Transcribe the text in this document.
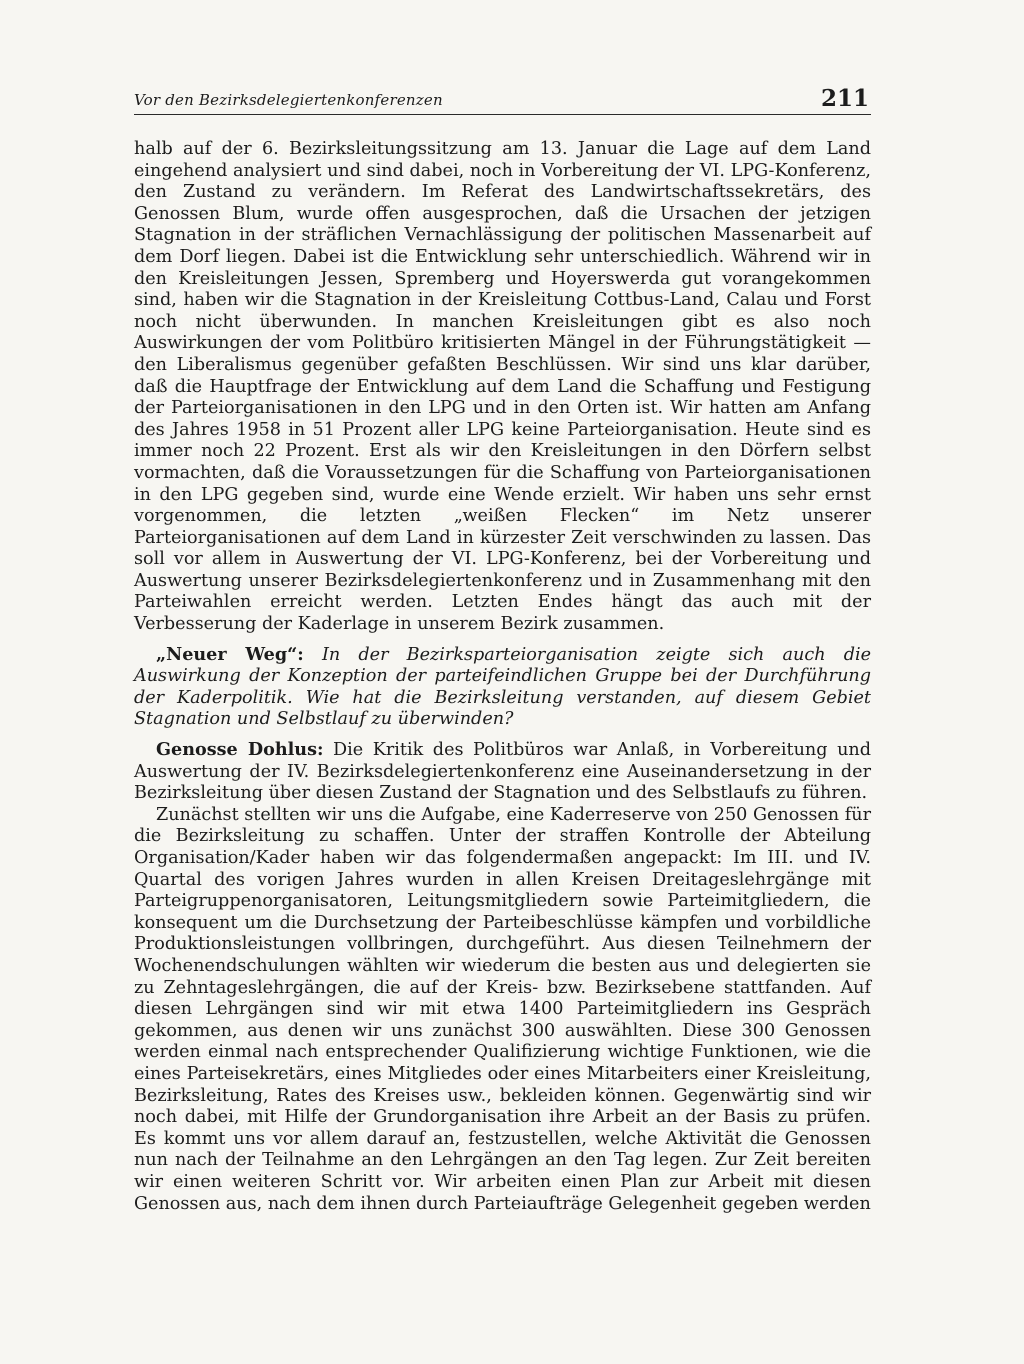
Vor den Bezirksdelegiertenkonferenzen	211

halb auf der 6. Bezirksleitungssitzung am 13. Januar die Lage auf dem Land eingehend analysiert und sind dabei, noch in Vorbereitung der VI. LPG-Konferenz, den Zustand zu verändern. Im Referat des Landwirtschaftssekretärs, des Genossen Blum, wurde offen ausgesprochen, daß die Ursachen der jetzigen Stagnation in der sträflichen Vernachlässigung der politischen Massenarbeit auf dem Dorf liegen. Dabei ist die Entwicklung sehr unterschiedlich. Während wir in den Kreisleitungen Jessen, Spremberg und Hoyerswerda gut vorangekommen sind, haben wir die Stagnation in der Kreisleitung Cottbus-Land, Calau und Forst noch nicht überwunden. In manchen Kreisleitungen gibt es also noch Auswirkungen der vom Politbüro kritisierten Mängel in der Führungstätigkeit — den Liberalismus gegenüber gefaßten Beschlüssen. Wir sind uns klar darüber, daß die Hauptfrage der Entwicklung auf dem Land die Schaffung und Festigung der Parteiorganisationen in den LPG und in den Orten ist. Wir hatten am Anfang des Jahres 1958 in 51 Prozent aller LPG keine Parteiorganisation. Heute sind es immer noch 22 Prozent. Erst als wir den Kreisleitungen in den Dörfern selbst vormachten, daß die Voraussetzungen für die Schaffung von Parteiorganisationen in den LPG gegeben sind, wurde eine Wende erzielt. Wir haben uns sehr ernst vorgenommen, die letzten „weißen Flecken“ im Netz unserer Parteiorganisationen auf dem Land in kürzester Zeit verschwinden zu lassen. Das soll vor allem in Auswertung der VI. LPG-Konferenz, bei der Vorbereitung und Auswertung unserer Bezirksdelegiertenkonferenz und in Zusammenhang mit den Parteiwahlen erreicht werden. Letzten Endes hängt das auch mit der Verbesserung der Kaderlage in unserem Bezirk zusammen.

„Neuer Weg“: In der Bezirksparteiorganisation zeigte sich auch die Auswirkung der Konzeption der parteifeindlichen Gruppe bei der Durchführung der Kaderpolitik. Wie hat die Bezirksleitung verstanden, auf diesem Gebiet Stagnation und Selbstlauf zu überwinden?

Genosse Dohlus: Die Kritik des Politbüros war Anlaß, in Vorbereitung und Auswertung der IV. Bezirksdelegiertenkonferenz eine Auseinandersetzung in der Bezirksleitung über diesen Zustand der Stagnation und des Selbstlaufs zu führen.

Zunächst stellten wir uns die Aufgabe, eine Kaderreserve von 250 Genossen für die Bezirksleitung zu schaffen. Unter der straffen Kontrolle der Abteilung Organisation/Kader haben wir das folgendermaßen angepackt: Im III. und IV. Quartal des vorigen Jahres wurden in allen Kreisen Dreitageslehrgänge mit Parteigruppenorganisatoren, Leitungsmitgliedern sowie Parteimitgliedern, die konsequent um die Durchsetzung der Parteibeschlüsse kämpfen und vorbildliche Produktionsleistungen vollbringen, durchgeführt. Aus diesen Teilnehmern der Wochenendschulungen wählten wir wiederum die besten aus und delegierten sie zu Zehntageslehrgängen, die auf der Kreis- bzw. Bezirksebene stattfanden. Auf diesen Lehrgängen sind wir mit etwa 1400 Parteimitgliedern ins Gespräch gekommen, aus denen wir uns zunächst 300 auswählten. Diese 300 Genossen werden einmal nach entsprechender Qualifizierung wichtige Funktionen, wie die eines Parteisekretärs, eines Mitgliedes oder eines Mitarbeiters einer Kreisleitung, Bezirksleitung, Rates des Kreises usw., bekleiden können. Gegenwärtig sind wir noch dabei, mit Hilfe der Grundorganisation ihre Arbeit an der Basis zu prüfen. Es kommt uns vor allem darauf an, festzustellen, welche Aktivität die Genossen nun nach der Teilnahme an den Lehrgängen an den Tag legen. Zur Zeit bereiten wir einen weiteren Schritt vor. Wir arbeiten einen Plan zur Arbeit mit diesen Genossen aus, nach dem ihnen durch Parteiaufträge Gelegenheit gegeben werden
